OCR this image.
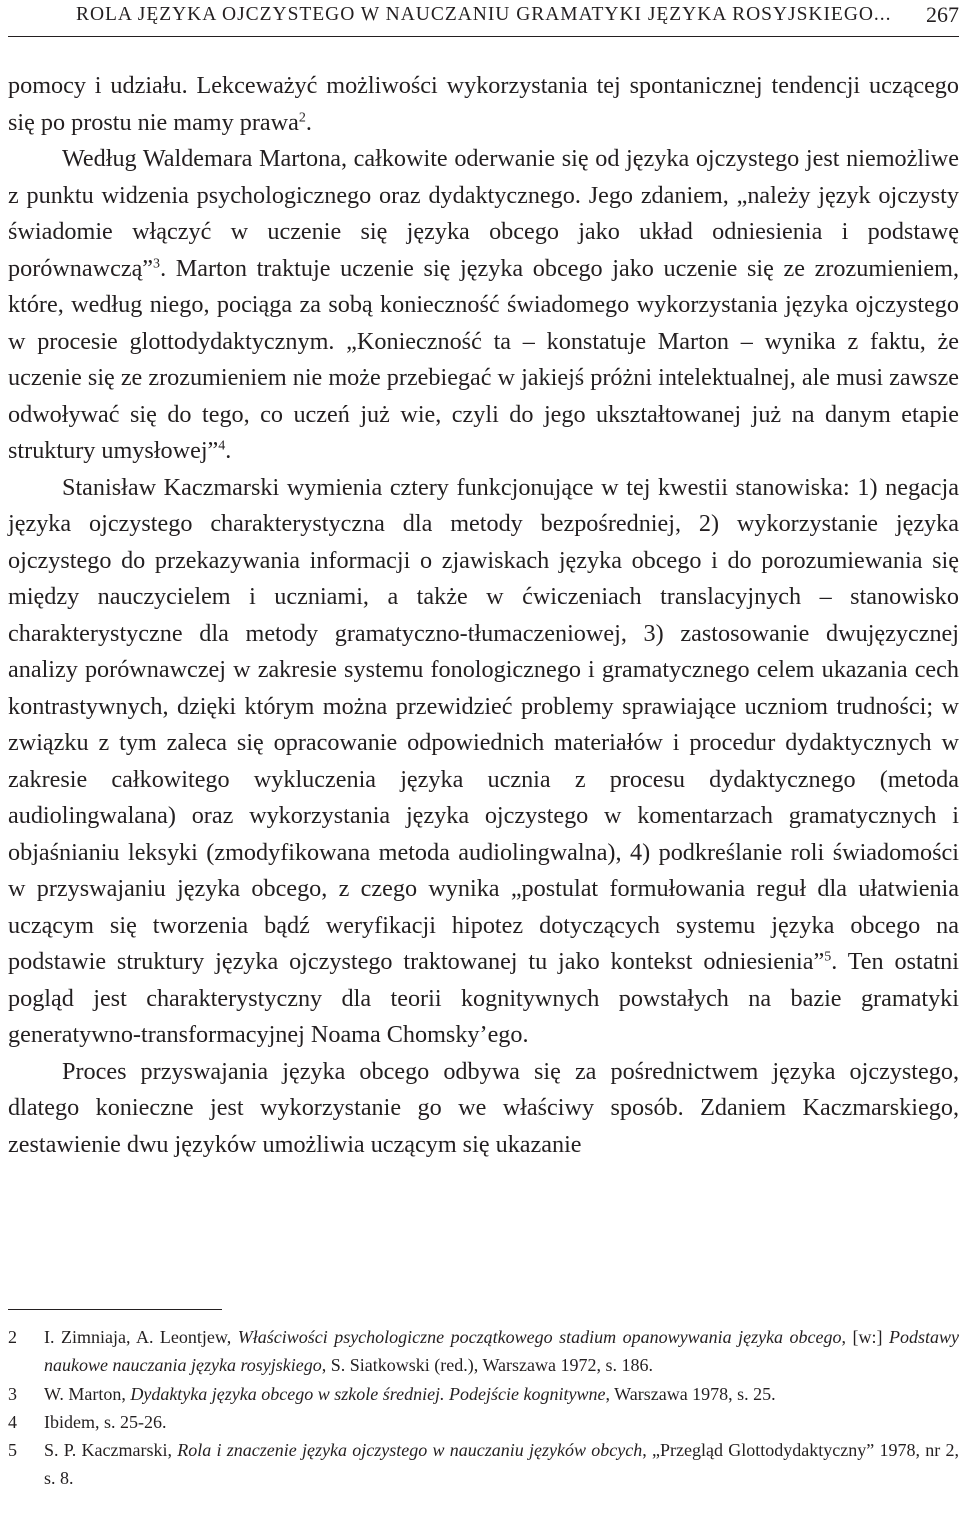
ROLA JĘZYKA OJCZYSTEGO W NAUCZANIU GRAMATYKI JĘZYKA ROSYJSKIEGO... 267

pomocy i udziału. Lekceważyć możliwości wykorzystania tej spontanicznej tendencji uczącego się po prostu nie mamy prawa$^2$.

Według Waldemara Martona, całkowite oderwanie się od języka ojczystego jest niemożliwe z punktu widzenia psychologicznego oraz dydaktycznego. Jego zdaniem, „należy język ojczysty świadomie włączyć w uczenie się języka obcego jako układ odniesienia i podstawę porównawczą”$^3$. Marton traktuje uczenie się języka obcego jako uczenie się ze zrozumieniem, które, według niego, pociąga za sobą konieczność świadomego wykorzystania języka ojczystego w procesie glottodydaktycznym. „Konieczność ta – konstatuje Marton – wynika z faktu, że uczenie się ze zrozumieniem nie może przebiegać w jakiejś próżni intelektualnej, ale musi zawsze odwoływać się do tego, co uczeń już wie, czyli do jego ukształtowanej już na danym etapie struktury umysłowej”$^4$.

Stanisław Kaczmarski wymienia cztery funkcjonujące w tej kwestii stanowiska: 1) negacja języka ojczystego charakterystyczna dla metody bezpośredniej, 2) wykorzystanie języka ojczystego do przekazywania informacji o zjawiskach języka obcego i do porozumiewania się między nauczycielem i uczniami, a także w ćwiczeniach translacyjnych – stanowisko charakterystyczne dla metody gramatyczno-tłumaczeniowej, 3) zastosowanie dwujęzycznej analizy porównawczej w zakresie systemu fonologicznego i gramatycznego celem ukazania cech kontrastywnych, dzięki którym można przewidzieć problemy sprawiające uczniom trudności; w związku z tym zaleca się opracowanie odpowiednich materiałów i procedur dydaktycznych w zakresie całkowitego wykluczenia języka ucznia z procesu dydaktycznego (metoda audiolingwalana) oraz wykorzystania języka ojczystego w komentarzach gramatycznych i objaśnianiu leksyki (zmodyfikowana metoda audiolingwalna), 4) podkreślanie roli świadomości w przyswajaniu języka obcego, z czego wynika „postulat formułowania reguł dla ułatwienia uczącym się tworzenia bądź weryfikacji hipotez dotyczących systemu języka obcego na podstawie struktury języka ojczystego traktowanej tu jako kontekst odniesienia”$^5$. Ten ostatni pogląd jest charakterystyczny dla teorii kognitywnych powstałych na bazie gramatyki generatywno-transformacyjnej Noama Chomsky’ego.

Proces przyswajania języka obcego odbywa się za pośrednictwem języka ojczystego, dlatego konieczne jest wykorzystanie go we właściwy sposób. Zdaniem Kaczmarskiego, zestawienie dwu języków umożliwia uczącym się ukazanie

2 I. Zimniaja, A. Leontjew, Właściwości psychologiczne początkowego stadium opanowywania języka obcego, [w:] Podstawy naukowe nauczania języka rosyjskiego, S. Siatkowski (red.), Warszawa 1972, s. 186.
3 W. Marton, Dydaktyka języka obcego w szkole średniej. Podejście kognitywne, Warszawa 1978, s. 25.
4 Ibidem, s. 25-26.
5 S. P. Kaczmarski, Rola i znaczenie języka ojczystego w nauczaniu języków obcych, „Przegląd Glottodydaktyczny” 1978, nr 2, s. 8.
